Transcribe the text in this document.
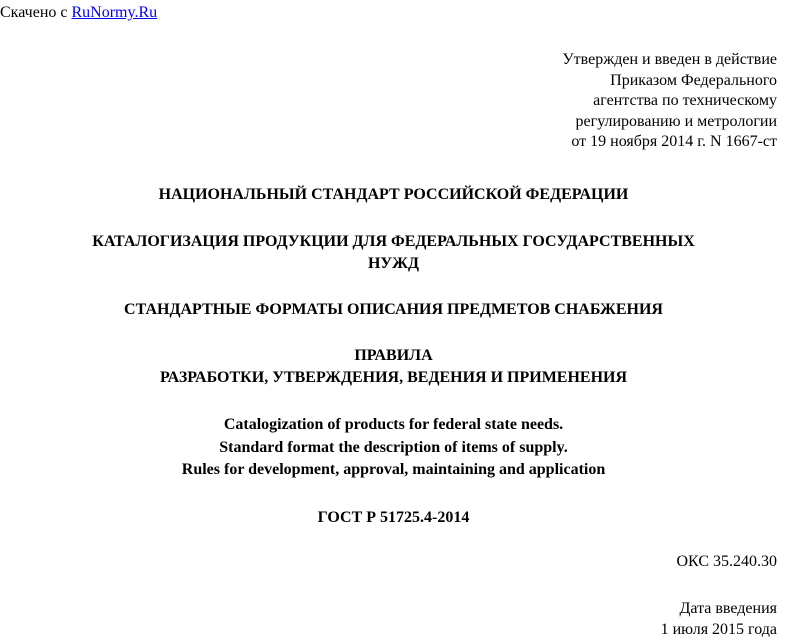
Скачено с RuNormy.Ru
Утвержден и введен в действие
Приказом Федерального
агентства по техническому
регулированию и метрологии
от 19 ноября 2014 г. N 1667-ст
НАЦИОНАЛЬНЫЙ СТАНДАРТ РОССИЙСКОЙ ФЕДЕРАЦИИ
КАТАЛОГИЗАЦИЯ ПРОДУКЦИИ ДЛЯ ФЕДЕРАЛЬНЫХ ГОСУДАРСТВЕННЫХ
НУЖД
СТАНДАРТНЫЕ ФОРМАТЫ ОПИСАНИЯ ПРЕДМЕТОВ СНАБЖЕНИЯ
ПРАВИЛА
РАЗРАБОТКИ, УТВЕРЖДЕНИЯ, ВЕДЕНИЯ И ПРИМЕНЕНИЯ
Catalogization of products for federal state needs.
Standard format the description of items of supply.
Rules for development, approval, maintaining and application
ГОСТ Р 51725.4-2014
ОКС 35.240.30
Дата введения
1 июля 2015 года
